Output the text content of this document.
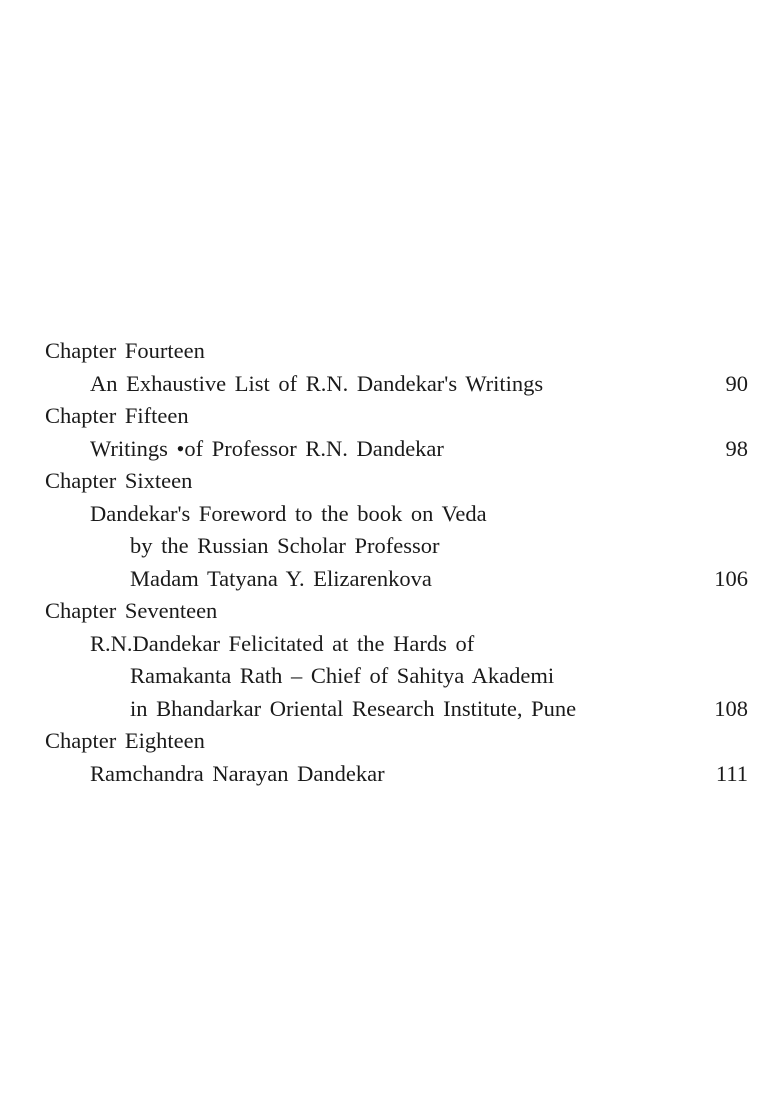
Chapter Fourteen
An Exhaustive List of R.N. Dandekar's Writings	90
Chapter Fifteen
Writings •of Professor R.N. Dandekar	98
Chapter Sixteen
Dandekar's Foreword to the book on Veda
by the Russian Scholar Professor
Madam Tatyana Y. Elizarenkova	106
Chapter Seventeen
R.N.Dandekar Felicitated at the Hards of
Ramakanta Rath – Chief of Sahitya Akademi
in Bhandarkar Oriental Research Institute, Pune	108
Chapter Eighteen
Ramchandra Narayan Dandekar	111
